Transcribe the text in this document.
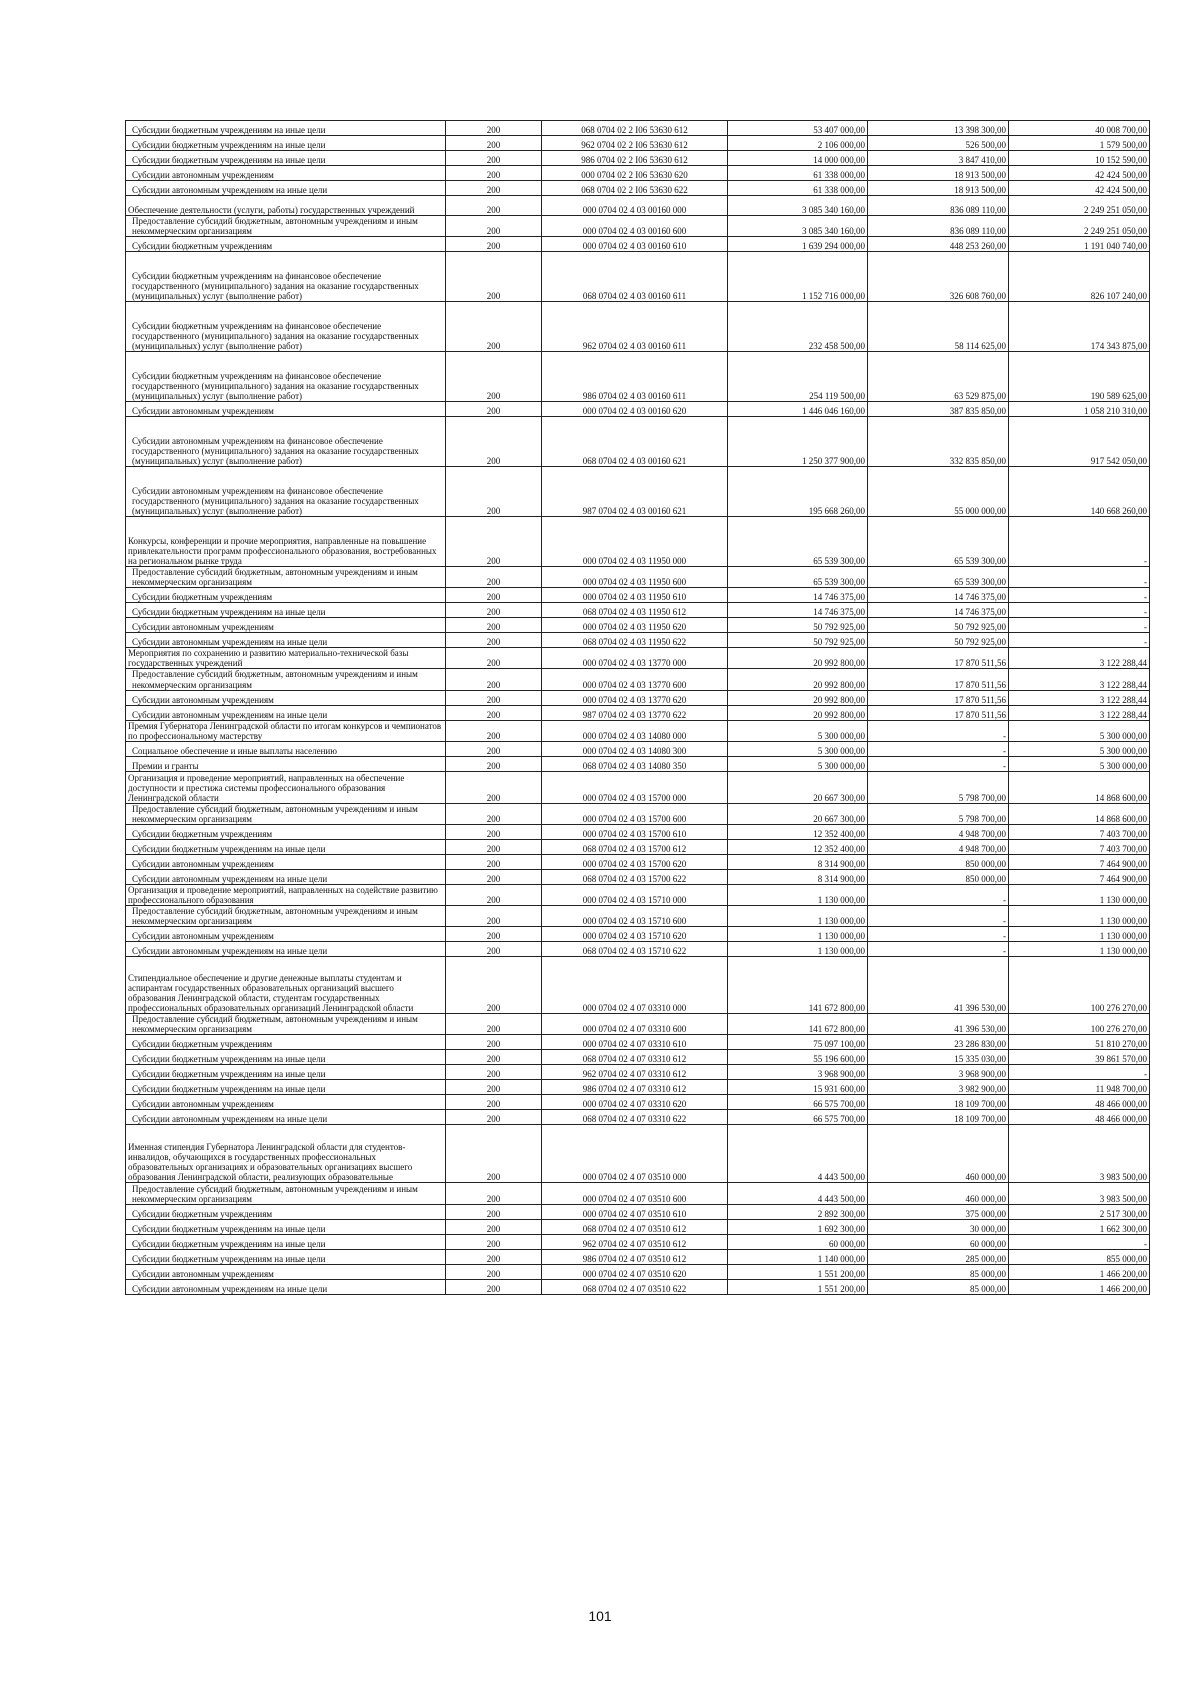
Субсидии бюджетным учреждениям на иные цели	200	068 0704 02 2 I06 53630 612	53 407 000,00	13 398 300,00	40 008 700,00
Субсидии бюджетным учреждениям на иные цели	200	962 0704 02 2 I06 53630 612	2 106 000,00	526 500,00	1 579 500,00
Субсидии бюджетным учреждениям на иные цели	200	986 0704 02 2 I06 53630 612	14 000 000,00	3 847 410,00	10 152 590,00
Субсидии автономным учреждениям	200	000 0704 02 2 I06 53630 620	61 338 000,00	18 913 500,00	42 424 500,00
Субсидии автономным учреждениям на иные цели	200	068 0704 02 2 I06 53630 622	61 338 000,00	18 913 500,00	42 424 500,00
Обеспечение деятельности (услуги, работы) государственных учреждений	200	000 0704 02 4 03 00160 000	3 085 340 160,00	836 089 110,00	2 249 251 050,00
Предоставление субсидий бюджетным, автономным учреждениям и иным некоммерческим организациям	200	000 0704 02 4 03 00160 600	3 085 340 160,00	836 089 110,00	2 249 251 050,00
Субсидии бюджетным учреждениям	200	000 0704 02 4 03 00160 610	1 639 294 000,00	448 253 260,00	1 191 040 740,00
Субсидии бюджетным учреждениям на финансовое обеспечение государственного (муниципального) задания на оказание государственных (муниципальных) услуг (выполнение работ)	200	068 0704 02 4 03 00160 611	1 152 716 000,00	326 608 760,00	826 107 240,00
Субсидии бюджетным учреждениям на финансовое обеспечение государственного (муниципального) задания на оказание государственных (муниципальных) услуг (выполнение работ)	200	962 0704 02 4 03 00160 611	232 458 500,00	58 114 625,00	174 343 875,00
Субсидии бюджетным учреждениям на финансовое обеспечение государственного (муниципального) задания на оказание государственных (муниципальных) услуг (выполнение работ)	200	986 0704 02 4 03 00160 611	254 119 500,00	63 529 875,00	190 589 625,00
Субсидии автономным учреждениям	200	000 0704 02 4 03 00160 620	1 446 046 160,00	387 835 850,00	1 058 210 310,00
Субсидии автономным учреждениям на финансовое обеспечение государственного (муниципального) задания на оказание государственных (муниципальных) услуг (выполнение работ)	200	068 0704 02 4 03 00160 621	1 250 377 900,00	332 835 850,00	917 542 050,00
Субсидии автономным учреждениям на финансовое обеспечение государственного (муниципального) задания на оказание государственных (муниципальных) услуг (выполнение работ)	200	987 0704 02 4 03 00160 621	195 668 260,00	55 000 000,00	140 668 260,00
Конкурсы, конференции и прочие мероприятия, направленные на повышение привлекательности программ профессионального образования, востребованных на региональном рынке труда	200	000 0704 02 4 03 11950 000	65 539 300,00	65 539 300,00	-
Предоставление субсидий бюджетным, автономным учреждениям и иным некоммерческим организациям	200	000 0704 02 4 03 11950 600	65 539 300,00	65 539 300,00	-
Субсидии бюджетным учреждениям	200	000 0704 02 4 03 11950 610	14 746 375,00	14 746 375,00	-
Субсидии бюджетным учреждениям на иные цели	200	068 0704 02 4 03 11950 612	14 746 375,00	14 746 375,00	-
Субсидии автономным учреждениям	200	000 0704 02 4 03 11950 620	50 792 925,00	50 792 925,00	-
Субсидии автономным учреждениям на иные цели	200	068 0704 02 4 03 11950 622	50 792 925,00	50 792 925,00	-
Мероприятия по сохранению и развитию материально-технической базы государственных учреждений	200	000 0704 02 4 03 13770 000	20 992 800,00	17 870 511,56	3 122 288,44
Предоставление субсидий бюджетным, автономным учреждениям и иным некоммерческим организациям	200	000 0704 02 4 03 13770 600	20 992 800,00	17 870 511,56	3 122 288,44
Субсидии автономным учреждениям	200	000 0704 02 4 03 13770 620	20 992 800,00	17 870 511,56	3 122 288,44
Субсидии автономным учреждениям на иные цели	200	987 0704 02 4 03 13770 622	20 992 800,00	17 870 511,56	3 122 288,44
Премия Губернатора Ленинградской области по итогам конкурсов и чемпионатов по профессиональному мастерству	200	000 0704 02 4 03 14080 000	5 300 000,00	-	5 300 000,00
Социальное обеспечение и иные выплаты населению	200	000 0704 02 4 03 14080 300	5 300 000,00	-	5 300 000,00
Премии и гранты	200	068 0704 02 4 03 14080 350	5 300 000,00	-	5 300 000,00
Организация и проведение мероприятий, направленных на обеспечение доступности и престижа системы профессионального образования Ленинградской области	200	000 0704 02 4 03 15700 000	20 667 300,00	5 798 700,00	14 868 600,00
Предоставление субсидий бюджетным, автономным учреждениям и иным некоммерческим организациям	200	000 0704 02 4 03 15700 600	20 667 300,00	5 798 700,00	14 868 600,00
Субсидии бюджетным учреждениям	200	000 0704 02 4 03 15700 610	12 352 400,00	4 948 700,00	7 403 700,00
Субсидии бюджетным учреждениям на иные цели	200	068 0704 02 4 03 15700 612	12 352 400,00	4 948 700,00	7 403 700,00
Субсидии автономным учреждениям	200	000 0704 02 4 03 15700 620	8 314 900,00	850 000,00	7 464 900,00
Субсидии автономным учреждениям на иные цели	200	068 0704 02 4 03 15700 622	8 314 900,00	850 000,00	7 464 900,00
Организация и проведение мероприятий, направленных на содействие развитию профессионального образования	200	000 0704 02 4 03 15710 000	1 130 000,00	-	1 130 000,00
Предоставление субсидий бюджетным, автономным учреждениям и иным некоммерческим организациям	200	000 0704 02 4 03 15710 600	1 130 000,00	-	1 130 000,00
Субсидии автономным учреждениям	200	000 0704 02 4 03 15710 620	1 130 000,00	-	1 130 000,00
Субсидии автономным учреждениям на иные цели	200	068 0704 02 4 03 15710 622	1 130 000,00	-	1 130 000,00
Стипендиальное обеспечение и другие денежные выплаты студентам и аспирантам государственных образовательных организаций высшего образования Ленинградской области, студентам государственных профессиональных образовательных организаций Ленинградской области	200	000 0704 02 4 07 03310 000	141 672 800,00	41 396 530,00	100 276 270,00
Предоставление субсидий бюджетным, автономным учреждениям и иным некоммерческим организациям	200	000 0704 02 4 07 03310 600	141 672 800,00	41 396 530,00	100 276 270,00
Субсидии бюджетным учреждениям	200	000 0704 02 4 07 03310 610	75 097 100,00	23 286 830,00	51 810 270,00
Субсидии бюджетным учреждениям на иные цели	200	068 0704 02 4 07 03310 612	55 196 600,00	15 335 030,00	39 861 570,00
Субсидии бюджетным учреждениям на иные цели	200	962 0704 02 4 07 03310 612	3 968 900,00	3 968 900,00	-
Субсидии бюджетным учреждениям на иные цели	200	986 0704 02 4 07 03310 612	15 931 600,00	3 982 900,00	11 948 700,00
Субсидии автономным учреждениям	200	000 0704 02 4 07 03310 620	66 575 700,00	18 109 700,00	48 466 000,00
Субсидии автономным учреждениям на иные цели	200	068 0704 02 4 07 03310 622	66 575 700,00	18 109 700,00	48 466 000,00
Именная стипендия Губернатора Ленинградской области для студентов-инвалидов, обучающихся в государственных профессиональных образовательных организациях и образовательных организациях высшего образования Ленинградской области, реализующих образовательные	200	000 0704 02 4 07 03510 000	4 443 500,00	460 000,00	3 983 500,00
Предоставление субсидий бюджетным, автономным учреждениям и иным некоммерческим организациям	200	000 0704 02 4 07 03510 600	4 443 500,00	460 000,00	3 983 500,00
Субсидии бюджетным учреждениям	200	000 0704 02 4 07 03510 610	2 892 300,00	375 000,00	2 517 300,00
Субсидии бюджетным учреждениям на иные цели	200	068 0704 02 4 07 03510 612	1 692 300,00	30 000,00	1 662 300,00
Субсидии бюджетным учреждениям на иные цели	200	962 0704 02 4 07 03510 612	60 000,00	60 000,00	-
Субсидии бюджетным учреждениям на иные цели	200	986 0704 02 4 07 03510 612	1 140 000,00	285 000,00	855 000,00
Субсидии автономным учреждениям	200	000 0704 02 4 07 03510 620	1 551 200,00	85 000,00	1 466 200,00
Субсидии автономным учреждениям на иные цели	200	068 0704 02 4 07 03510 622	1 551 200,00	85 000,00	1 466 200,00
101
